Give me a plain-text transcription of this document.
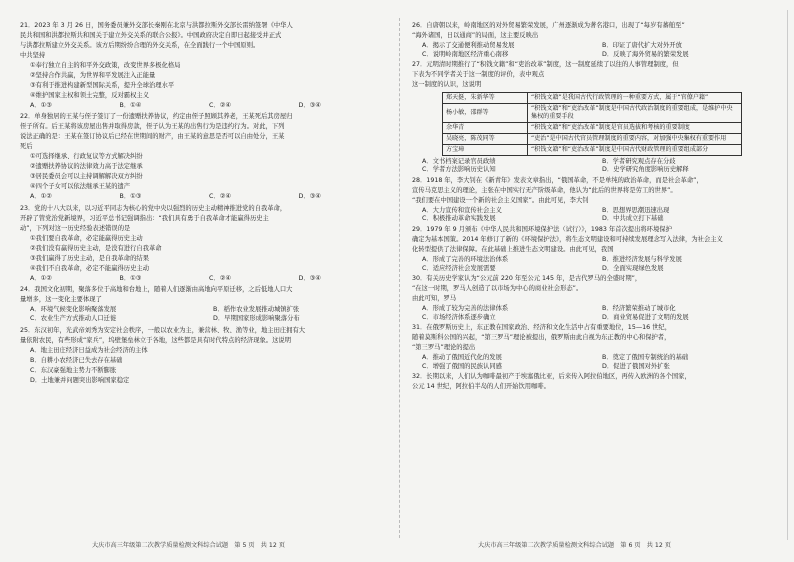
21．2023 年 3 月 26 日，国务委员兼外交部长秦刚在北京与洪都拉斯外交部长雷纳签署《中华人

民共和国和洪都拉斯共和国关于建立外交关系的联合公报》。中国政府决定自即日起接受并正式

与洪都拉斯建立外交关系。该方后期纷纷合理的外交关系，在全面践行一个中国原则。

中共坚持

①奉行独立自主的和平外交政策，改变世界多极化格局

②坚持合作共赢，为世界和平发展注入正能量

③有利于推进构建新型国际关系，提升全球治理水平

④维护国家主权和领土完整，反对霸权主义

A．①③	B．①④	C．②④	D．③④

22．单身独居的王某与侄子签订了一份遗赠扶养协议，约定由侄子照顾其养老，王某死后其房屋归

侄子所有。后王某将该房屋出售并取得房款，侄子认为王某的出售行为是违约行为。对此，下列

说法正确的是：王某在签订协议后已经在世期间的财产，由王某的意思是否可以自由处分，王某

死后

①可选择继承、行政复议等方式解决纠纷

②遗赠扶养协议的法律效力高于法定继承

③居民委员会可以主持调解解决双方纠纷

④四个子女可以依法继承王某的遗产

A．①②	B．①③	C．②④	D．③④

23．党的十八大以来，以习近平同志为核心的党中央以强烈的历史主动精神推进党的自我革命，

开辟了管党治党新境界，习近平总书记强调指出：“我们具有勇于自我革命才能赢得历史主

动”，下列对这一历史经验表述错误的是

①我们要自我革命，必定能赢得历史主动

②我们没有赢得历史主动，是没有进行自我革命

③我们赢得了历史主动，是自我革命的结果

④我们不自我革命，必定不能赢得历史主动

A．①②	B．①③	C．②④	D．③④

24．我国文化初期，聚落多位于高地和台地上，随着人们逐渐由高地向平原迁移，之后低地人口大

量增多，这一变化主要体现了

A．环境气候变化影响聚落发展	B．稻作农业发展推动城镇扩张

C．农业生产方式推动人口迁徙	D．早期国家形成影响聚落分布

25．东汉初年，光武帝刘秀为安定社会秩序，一般以农业为主，兼营林、牧、渔等业，地主田庄拥有大

量依附农民，有些形成“家兵”，坞壁堡垒林立于各地，这些都是具有时代特点的经济现象。这说明

A．地主田庄经济日益成为社会经济的主体

B．自耕小农经济已失去存在基础

C．东汉豪强地主势力不断膨胀

D．土地兼并问题突出影响国家稳定

26．自唐朝以来，岭南地区的对外贸易繁荣发展，广州逐渐成为著名港口，出现了“每岁有蕃舶至”

“海外诸国，日以通商”的局面，这主要反映出

A．揭示了交通便利推动贸易发展	B．印证了唐代扩大对外开放

C．说明岭南地区经济重心南移	D．反映了海外贸易的繁荣发展

27．元明清时期推行了“积钱文籍”和“吏治改革”制度，这一制度延续了以往的人事管理制度，但

下表为不同学者关于这一制度的评价，表中观点

这一制度的认识，这说明

郑天挺，朱新华等	“积钱文籍”是我国古代行政管理的一种重要方式，属于“官僚户籍”
杨小敏，邵群等	“积钱文籍”和“吏治改革”制度是中国古代政治制度的重要组成，是维护中央集权的重要手段
余华青	“积钱文籍”和“吏治改革”制度是官员选拔和考核的重要制度
吴晓亮，陈茂同等	“吏治”是中国古代官员管理制度的重要内容，对加强中央集权有重要作用
方宝璋	“积钱文籍”和“吏治改革”制度是中国古代财政管理的重要组成部分

A．文书档案记录官员政绩	B．学者研究观点存在分歧

C．学者方法影响历史认知	D．史学研究角度影响历史解释

28．1918 年，李大钊在《新青年》发表文章指出，“俄国革命，不是单纯的政治革命，而是社会革命”，

宣传马克思主义的理论，主张在中国实行无产阶级革命，他认为“此后的世界将是劳工的世界”。

“我们要在中国建设一个新的社会主义国家”。由此可见，李大钊

A．大力宣传和宣传社会主义	B．思想界思潮迅速出现

C．积极推动革命实践发展	D．中共成立打下基础

29．1979 年 9 月颁布《中华人民共和国环境保护法（试行）》，1983 年首次提出将环境保护

确定为基本国策。2014 年修订了新的《环境保护法》，将生态文明建设和可持续发展理念写入法律，为社会主义

化转型提供了法律保障。在此基础上推进生态文明建设。由此可见，我国

A．形成了完善的环境法治体系	B．推进经济发展与科学发展

C．适应经济社会发展需要	D．全面实现绿色发展

30．有关历史学家认为“公元前 220 年至公元 145 年，是古代罗马的全盛时期”，

“在这一时期，罗马人创造了以市场为中心的商业社会形态”。

由此可知，罗马

A．形成了较为完善的法律体系	B．经济繁荣推动了城市化

C．市场经济体系逐步确立	D．商业贸易促进了文明的发展

31．在俄罗斯历史上，东正教在国家政治、经济和文化生活中占有重要地位，15—16 世纪，

随着莫斯科公国的兴起，“第三罗马”理论被提出，俄罗斯由此自视为东正教的中心和保护者，

“第三罗马”理论的提出

A．推动了俄国近代化的发展	B．奠定了俄国专制统治的基础

C．增强了俄国的民族认同感	D．促进了俄国对外扩张

32．长期以来，人们认为咖啡最初产于埃塞俄比亚，后来传入阿拉伯地区，再传入欧洲的各个国家，

公元 14 世纪，阿拉伯半岛的人们开始饮用咖啡。

大庆市高三年级第二次教学质量检测文科综合试题　第 5 页　共 12 页	大庆市高三年级第二次教学质量检测文科综合试题　第 6 页　共 12 页
